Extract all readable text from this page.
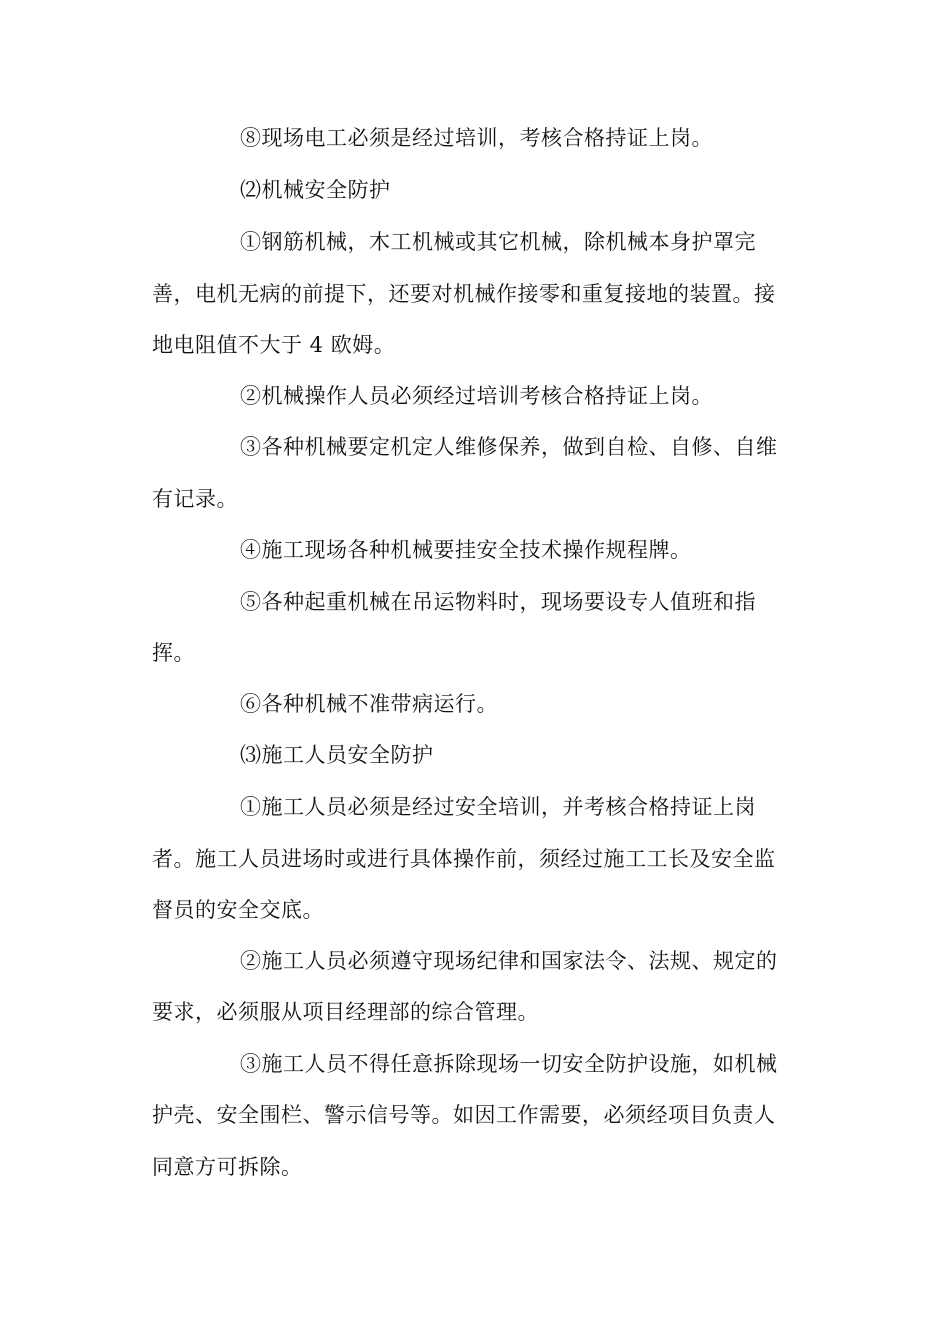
⑧现场电工必须是经过培训，考核合格持证上岗。
⑵机械安全防护
①钢筋机械，木工机械或其它机械，除机械本身护罩完
善，电机无病的前提下，还要对机械作接零和重复接地的装置。接
地电阻值不大于 4 欧姆。
②机械操作人员必须经过培训考核合格持证上岗。
③各种机械要定机定人维修保养，做到自检、自修、自维
有记录。
④施工现场各种机械要挂安全技术操作规程牌。
⑤各种起重机械在吊运物料时，现场要设专人值班和指
挥。
⑥各种机械不准带病运行。
⑶施工人员安全防护
①施工人员必须是经过安全培训，并考核合格持证上岗
者。施工人员进场时或进行具体操作前，须经过施工工长及安全监
督员的安全交底。
②施工人员必须遵守现场纪律和国家法令、法规、规定的
要求，必须服从项目经理部的综合管理。
③施工人员不得任意拆除现场一切安全防护设施，如机械
护壳、安全围栏、警示信号等。如因工作需要，必须经项目负责人
同意方可拆除。
